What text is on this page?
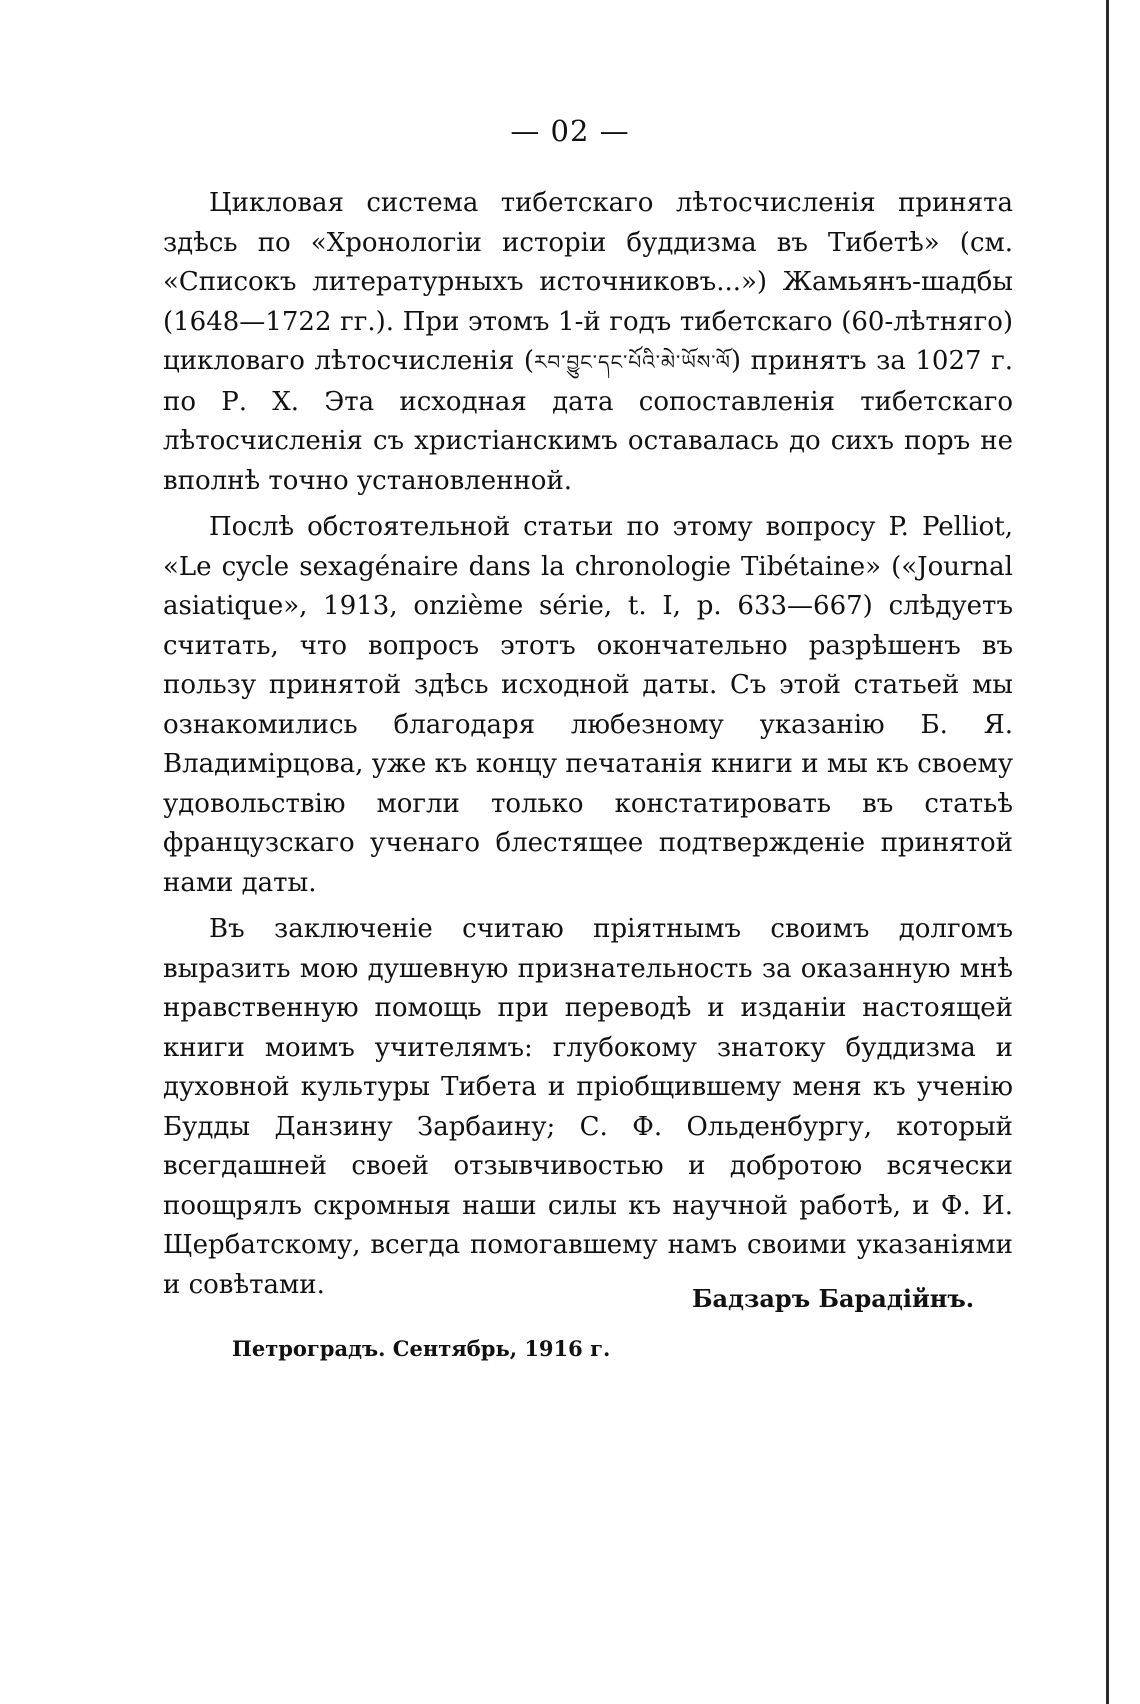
— 02 —

Цикловая система тибетскаго лѣтосчисленія принята здѣсь по «Хронологіи исторіи буддизма въ Тибетѣ» (см. «Списокъ литературныхъ источниковъ...») Жамьянъ-шадбы (1648—1722 гг.). При этомъ 1-й годъ тибетскаго (60-лѣтняго) цикловаго лѣтосчисленія (རབ་བྱུང་དང་པོའི་མེ་ཡོས་ལོ) принятъ за 1027 г. по Р. Х. Эта исходная дата сопоставленія тибетскаго лѣтосчисленія съ христіанскимъ оставалась до сихъ поръ не вполнѣ точно установленной.

Послѣ обстоятельной статьи по этому вопросу P. Pelliot, «Le cycle sexagénaire dans la chronologie Tibétaine» («Journal asiatique», 1913, onzième série, t. I, p. 633—667) слѣдуетъ считать, что вопросъ этотъ окончательно разрѣшенъ въ пользу принятой здѣсь исходной даты. Съ этой статьей мы ознакомились благодаря любезному указанію Б. Я. Владимірцова, уже къ концу печатанія книги и мы къ своему удовольствію могли только констатировать въ статьѣ французскаго ученаго блестящее подтвержденіе принятой нами даты.

Въ заключеніе считаю пріятнымъ своимъ долгомъ выразить мою душевную признательность за оказанную мнѣ нравственную помощь при переводѣ и изданіи настоящей книги моимъ учителямъ: глубокому знатоку буддизма и духовной культуры Тибета и пріобщившему меня къ ученію Будды Данзину Зарбаину; С. Ф. Ольденбургу, который всегдашней своей отзывчивостью и добротою всячески поощрялъ скромныя наши силы къ научной работѣ, и Ф. И. Щербатскому, всегда помогавшему намъ своими указаніями и совѣтами.	Бадзаръ Барадійнъ.
Петроградъ. Сентябрь, 1916 г.
